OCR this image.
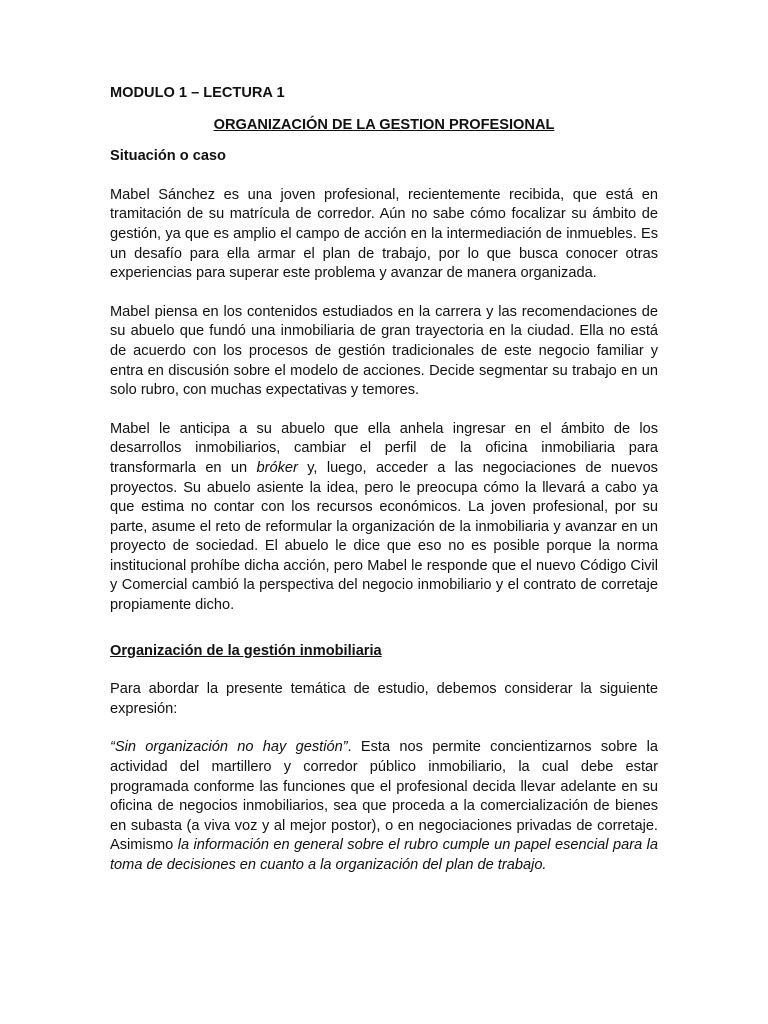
MODULO 1 – LECTURA 1
ORGANIZACIÓN DE LA GESTION PROFESIONAL
Situación o caso

Mabel Sánchez es una joven profesional, recientemente recibida, que está en tramitación de su matrícula de corredor. Aún no sabe cómo focalizar su ámbito de gestión, ya que es amplio el campo de acción en la intermediación de inmuebles. Es un desafío para ella armar el plan de trabajo, por lo que busca conocer otras experiencias para superar este problema y avanzar de manera organizada.

Mabel piensa en los contenidos estudiados en la carrera y las recomendaciones de su abuelo que fundó una inmobiliaria de gran trayectoria en la ciudad. Ella no está de acuerdo con los procesos de gestión tradicionales de este negocio familiar y entra en discusión sobre el modelo de acciones. Decide segmentar su trabajo en un solo rubro, con muchas expectativas y temores.

Mabel le anticipa a su abuelo que ella anhela ingresar en el ámbito de los desarrollos inmobiliarios, cambiar el perfil de la oficina inmobiliaria para transformarla en un bróker y, luego, acceder a las negociaciones de nuevos proyectos. Su abuelo asiente la idea, pero le preocupa cómo la llevará a cabo ya que estima no contar con los recursos económicos. La joven profesional, por su parte, asume el reto de reformular la organización de la inmobiliaria y avanzar en un proyecto de sociedad. El abuelo le dice que eso no es posible porque la norma institucional prohíbe dicha acción, pero Mabel le responde que el nuevo Código Civil y Comercial cambió la perspectiva del negocio inmobiliario y el contrato de corretaje propiamente dicho.

Organización de la gestión inmobiliaria

Para abordar la presente temática de estudio, debemos considerar la siguiente expresión:

“Sin organización no hay gestión”. Esta nos permite concientizarnos sobre la actividad del martillero y corredor público inmobiliario, la cual debe estar programada conforme las funciones que el profesional decida llevar adelante en su oficina de negocios inmobiliarios, sea que proceda a la comercialización de bienes en subasta (a viva voz y al mejor postor), o en negociaciones privadas de corretaje. Asimismo la información en general sobre el rubro cumple un papel esencial para la toma de decisiones en cuanto a la organización del plan de trabajo.
